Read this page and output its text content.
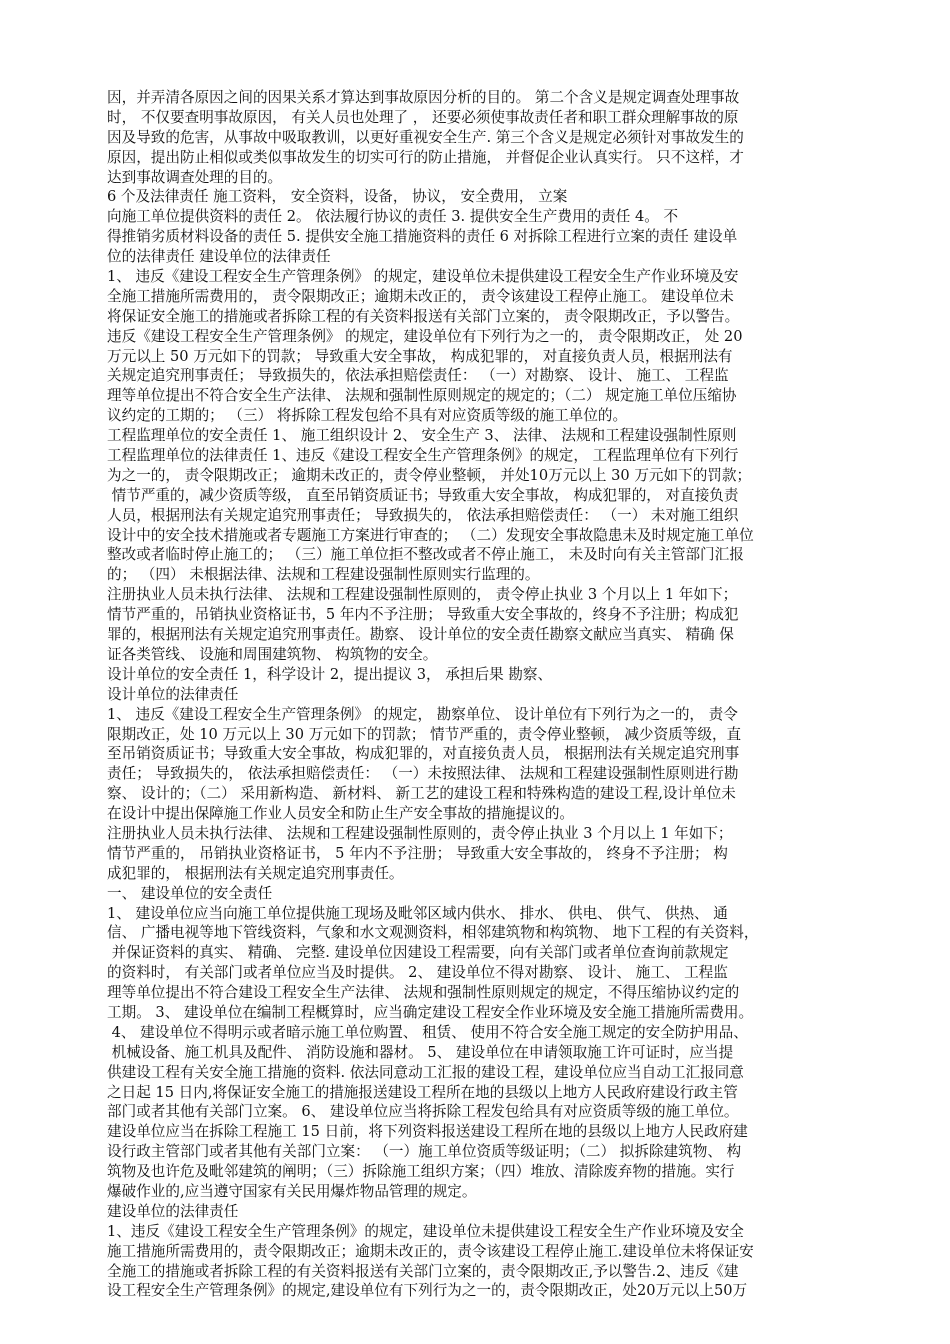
因，并弄清各原因之间的因果关系才算达到事故原因分析的目的。 第二个含义是规定调查处理事故
时， 不仅要查明事故原因， 有关人员也处理了 ， 还要必须使事故责任者和职工群众理解事故的原
因及导致的危害，从事故中吸取教训，以更好重视安全生产. 第三个含义是规定必须针对事故发生的
原因，提出防止相似或类似事故发生的切实可行的防止措施， 并督促企业认真实行。 只不这样，才
达到事故调查处理的目的。
6 个及法律责任 施工资料， 安全资料，设备， 协议， 安全费用， 立案
向施工单位提供资料的责任 2。 依法履行协议的责任 3. 提供安全生产费用的责任 4。 不
得推销劣质材料设备的责任 5. 提供安全施工措施资料的责任 6 对拆除工程进行立案的责任 建设单
位的法律责任 建设单位的法律责任
1、 违反《建设工程安全生产管理条例》 的规定，建设单位未提供建设工程安全生产作业环境及安
全施工措施所需费用的， 责令限期改正；逾期未改正的， 责令该建设工程停止施工。 建设单位未
将保证安全施工的措施或者拆除工程的有关资料报送有关部门立案的， 责令限期改正，予以警告。
违反《建设工程安全生产管理条例》 的规定，建设单位有下列行为之一的， 责令限期改正， 处 20
万元以上 50 万元如下的罚款； 导致重大安全事故， 构成犯罪的， 对直接负责人员，根据刑法有
关规定追究刑事责任； 导致损失的，依法承担赔偿责任： （一）对勘察、 设计、 施工、 工程监
理等单位提出不符合安全生产法律、 法规和强制性原则规定的规定的；（二） 规定施工单位压缩协
议约定的工期的； （三） 将拆除工程发包给不具有对应资质等级的施工单位的。
工程监理单位的安全责任 1、 施工组织设计 2、 安全生产 3、 法律、 法规和工程建设强制性原则
工程监理单位的法律责任 1、违反《建设工程安全生产管理条例》的规定， 工程监理单位有下列行
为之一的， 责令限期改正； 逾期未改正的，责令停业整顿， 并处10万元以上 30 万元如下的罚款；
情节严重的，减少资质等级， 直至吊销资质证书；导致重大安全事故， 构成犯罪的， 对直接负责
人员，根据刑法有关规定追究刑事责任； 导致损失的， 依法承担赔偿责任： （一） 未对施工组织
设计中的安全技术措施或者专题施工方案进行审查的； （二）发现安全事故隐患未及时规定施工单位
整改或者临时停止施工的； （三）施工单位拒不整改或者不停止施工， 未及时向有关主管部门汇报
的； （四） 未根据法律、法规和工程建设强制性原则实行监理的。
注册执业人员未执行法律、 法规和工程建设强制性原则的， 责令停止执业 3 个月以上 1 年如下；
情节严重的，吊销执业资格证书，5 年内不予注册； 导致重大安全事故的，终身不予注册；构成犯
罪的，根据刑法有关规定追究刑事责任。勘察、 设计单位的安全责任勘察文献应当真实、 精确 保
证各类管线、 设施和周围建筑物、 构筑物的安全。
设计单位的安全责任 1，科学设计 2，提出提议 3， 承担后果 勘察、
设计单位的法律责任
1、 违反《建设工程安全生产管理条例》 的规定， 勘察单位、 设计单位有下列行为之一的， 责令
限期改正，处 10 万元以上 30 万元如下的罚款； 情节严重的，责令停业整顿， 减少资质等级，直
至吊销资质证书；导致重大安全事故，构成犯罪的，对直接负责人员， 根据刑法有关规定追究刑事
责任； 导致损失的， 依法承担赔偿责任： （一）未按照法律、 法规和工程建设强制性原则进行勘
察、 设计的；（二） 采用新构造、 新材料、 新工艺的建设工程和特殊构造的建设工程,设计单位未
在设计中提出保障施工作业人员安全和防止生产安全事故的措施提议的。
注册执业人员未执行法律、 法规和工程建设强制性原则的，责令停止执业 3 个月以上 1 年如下；
情节严重的， 吊销执业资格证书， 5 年内不予注册； 导致重大安全事故的， 终身不予注册； 构
成犯罪的， 根据刑法有关规定追究刑事责任。
一、 建设单位的安全责任
1、 建设单位应当向施工单位提供施工现场及毗邻区域内供水、 排水、 供电、 供气、 供热、 通
信、 广播电视等地下管线资料，气象和水文观测资料，相邻建筑物和构筑物、 地下工程的有关资料，
并保证资料的真实、 精确、 完整. 建设单位因建设工程需要，向有关部门或者单位查询前款规定
的资料时， 有关部门或者单位应当及时提供。 2、 建设单位不得对勘察、 设计、 施工、 工程监
理等单位提出不符合建设工程安全生产法律、 法规和强制性原则规定的规定，不得压缩协议约定的
工期。 3、 建设单位在编制工程概算时，应当确定建设工程安全作业环境及安全施工措施所需费用。
4、 建设单位不得明示或者暗示施工单位购置、 租赁、 使用不符合安全施工规定的安全防护用品、
机械设备、施工机具及配件、 消防设施和器材。 5、 建设单位在申请领取施工许可证时，应当提
供建设工程有关安全施工措施的资料. 依法同意动工汇报的建设工程，建设单位应当自动工汇报同意
之日起 15 日内,将保证安全施工的措施报送建设工程所在地的县级以上地方人民政府建设行政主管
部门或者其他有关部门立案。 6、 建设单位应当将拆除工程发包给具有对应资质等级的施工单位。
建设单位应当在拆除工程施工 15 日前，将下列资料报送建设工程所在地的县级以上地方人民政府建
设行政主管部门或者其他有关部门立案： （一）施工单位资质等级证明；（二） 拟拆除建筑物、 构
筑物及也许危及毗邻建筑的阐明；（三）拆除施工组织方案；（四）堆放、清除废弃物的措施。实行
爆破作业的,应当遵守国家有关民用爆炸物品管理的规定。
建设单位的法律责任
1、违反《建设工程安全生产管理条例》的规定，建设单位未提供建设工程安全生产作业环境及安全
施工措施所需费用的，责令限期改正；逾期未改正的，责令该建设工程停止施工.建设单位未将保证安
全施工的措施或者拆除工程的有关资料报送有关部门立案的，责令限期改正,予以警告.2、违反《建
设工程安全生产管理条例》的规定,建设单位有下列行为之一的，责令限期改正，处20万元以上50万
